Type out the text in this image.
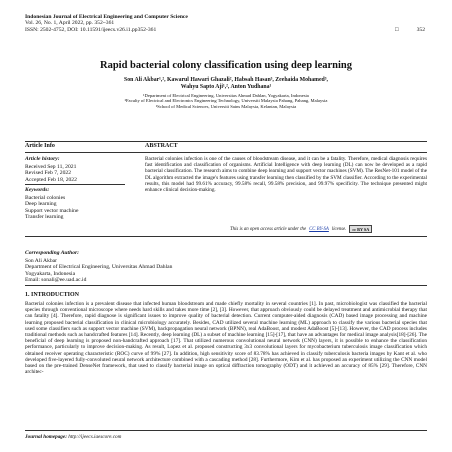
Indonesian Journal of Electrical Engineering and Computer Science
Vol. 26, No. 1, April 2022, pp. 352~361
ISSN: 2502-4752, DOI: 10.11591/ijeecs.v26.i1.pp352-361	□	352
Rapid bacterial colony classification using deep learning
Son Ali Akbar¹,², Kawarul Hawari Ghazali², Habsah Hasan³, Zeehaida Mohamed³,
Wahyu Sapto Aji¹,², Anton Yudhana¹
¹Department of Electrical Engineering, Universitas Ahmad Dahlan, Yogyakarta, Indonesia
²Faculty of Electrical and Electronics Engineering Technology, Universiti Malaysia Pahang, Pahang, Malaysia
³School of Medical Sciences, Universiti Sains Malaysia, Kelantan, Malaysia
Article Info	ABSTRACT
Article history:
Received Sep 11, 2021
Revised Feb 7, 2022
Accepted Feb 18, 2022
Keywords:
Bacterial colonies
Deep learning
Support vector machine
Transfer learning
Bacterial colonies infection is one of the causes of bloodstream disease, and it can be a fatality. Therefore, medical diagnosis requires fast identification and classification of organisms. Artificial Intelligence with deep learning (DL) can now be developed as a rapid bacterial classification. The research aims to combine deep learning and support vector machines (SVM). The ResNet-101 model of the DL algorithm extracted the image's features using transfer learning then classified by the SVM classifier. According to the experimental results, this model had 99.61% accuracy, 99.58% recall, 99.58% precision, and 99.97% specificity. The technique presented might enhance clinical decision-making.
This is an open access article under the CC BY-SA license.	cc BY SA
Corresponding Author:
Son Ali Akbar
Department of Electrical Engineering, Universitas Ahmad Dahlan
Yogyakarta, Indonesia
Email: sonali@ee.uad.ac.id
1. INTRODUCTION
Bacterial colonies infection is a prevalent disease that infected human bloodstream and made chiefly mortality in several countries [1]. In past, microbiologist was classified the bacterial species through conventional microscope where needs hard skills and takes more time [2], [3]. However, that approach obviously could be delayed treatment and antimicrobial therapy that can fatality [4]. Therefore, rapid diagnose is significant issues to improve quality of bacterial detection. Current computer-aided diagnosis (CAD) based image processing and machine learning proposed bacterial classification in clinical microbiology accurately. Besides, CAD utilized several machine learning (ML) approach to classify the various bacterial species that used some classifiers such as support vector machine (SVM), backpropagation neural network (BPNN), real AdaBoost, and modest AdaBoost [5]-[13]. However, the CAD process includes traditional methods such as handcrafted features [14]. Recently, deep learning (DL) a subset of machine learning [15]-[17], that have an advantages for medical image analysis[18]-[26]. The beneficial of deep learning is proposed non-handcrafted approach [17]. That utilized numerous convolutional neural network (CNN) layers, it is possible to enhance the classification performance, particularly to improve decision-making. As result, Lopez et al. proposed constructing 3x3 convolutional layers for mycobacterium tuberculosis image classification which obtained receiver operating characteristic (ROC) curve of 99% [27]. In addition, high sensitivity score of 83.78% has achieved in classify tuberculosis bacteria images by Kant et al. who developed five-layered fully-convoluted neural network architecture combined with a cascading method [28]. Furthermore, Kim et al. has proposed an experiment utilizing the CNN model based on the pre-trained DenseNet framework, that used to classify bacterial image on optical diffraction tomography (ODT) and it achieved an accuracy of 85% [29]. Therefore, CNN architec-
Journal homepage: http://ijeecs.iaescore.com
